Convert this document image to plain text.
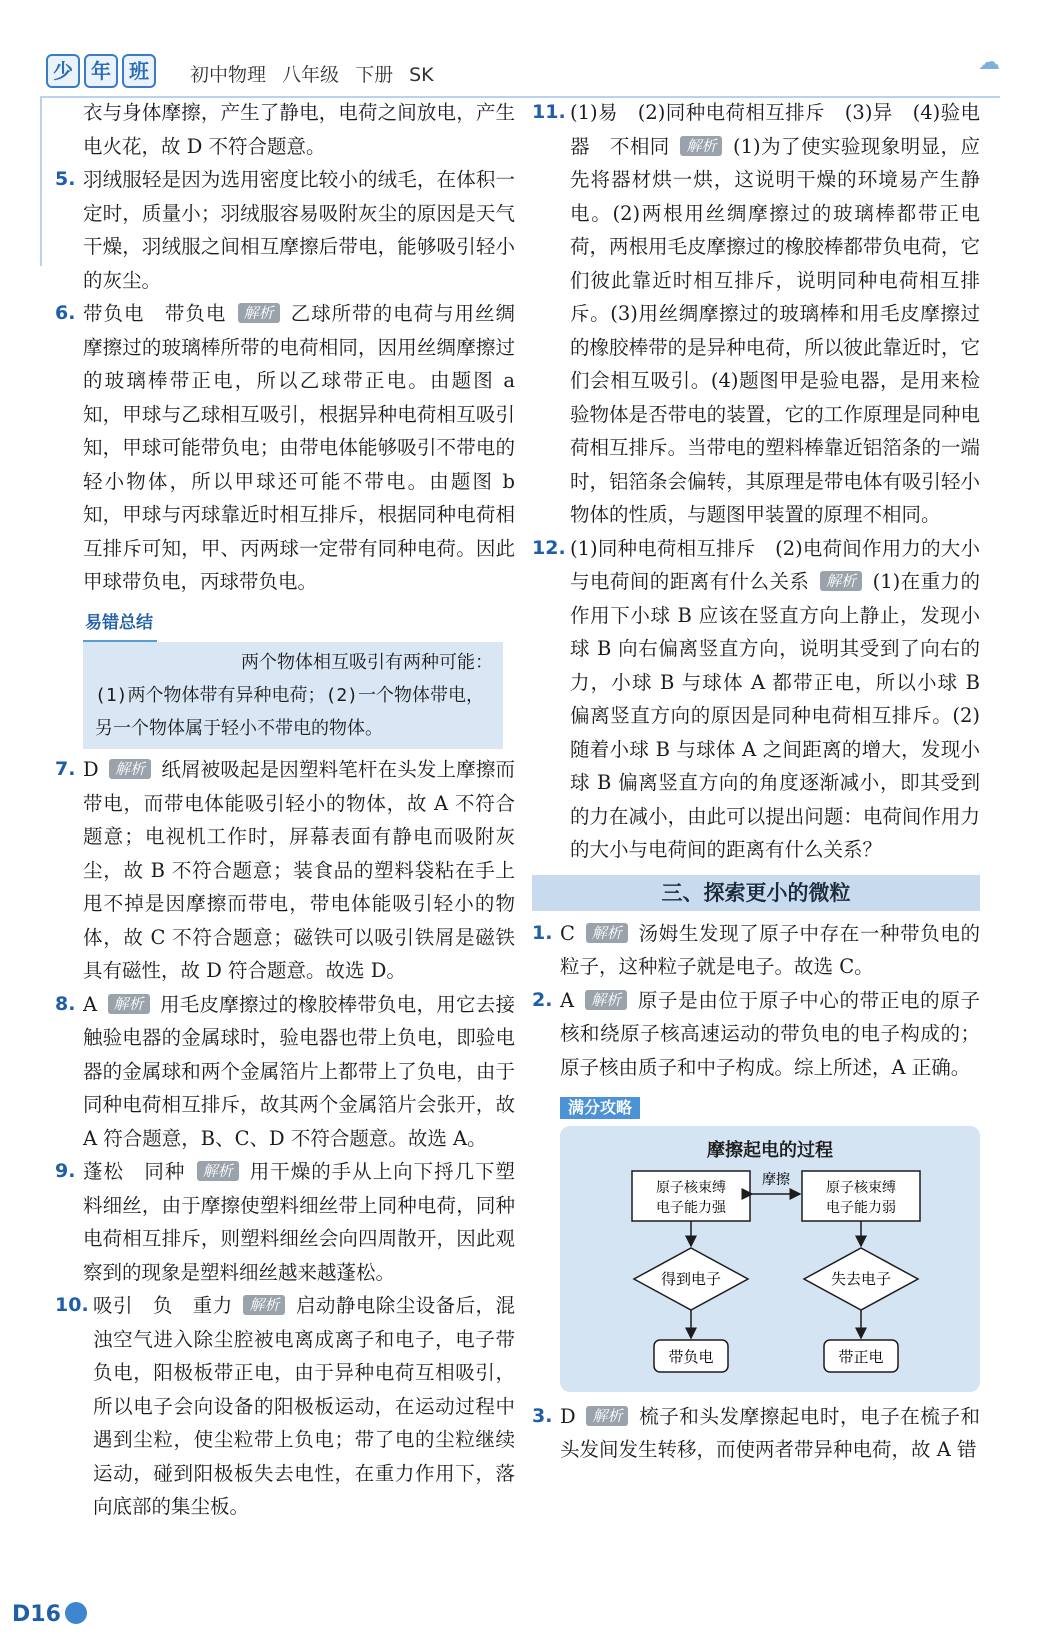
少 年 班	初中物理 八年级 下册 SK	☁

衣与身体摩擦，产生了静电，电荷之间放电，产生电火花，故 D 不符合题意。

5. 羽绒服轻是因为选用密度比较小的绒毛，在体积一定时，质量小；羽绒服容易吸附灰尘的原因是天气干燥，羽绒服之间相互摩擦后带电，能够吸引轻小的灰尘。

6. 带负电　带负电 解析 乙球所带的电荷与用丝绸摩擦过的玻璃棒所带的电荷相同，因用丝绸摩擦过的玻璃棒带正电，所以乙球带正电。由题图 a 知，甲球与乙球相互吸引，根据异种电荷相互吸引知，甲球可能带负电；由带电体能够吸引不带电的轻小物体，所以甲球还可能不带电。由题图 b 知，甲球与丙球靠近时相互排斥，根据同种电荷相互排斥可知，甲、丙两球一定带有同种电荷。因此甲球带负电，丙球带负电。

易错总结
两个物体相互吸引有两种可能：
(1)两个物体带有异种电荷；(2)一个物体带电，另一个物体属于轻小不带电的物体。

7. D 解析 纸屑被吸起是因塑料笔杆在头发上摩擦而带电，而带电体能吸引轻小的物体，故 A 不符合题意；电视机工作时，屏幕表面有静电而吸附灰尘，故 B 不符合题意；装食品的塑料袋粘在手上甩不掉是因摩擦而带电，带电体能吸引轻小的物体，故 C 不符合题意；磁铁可以吸引铁屑是磁铁具有磁性，故 D 符合题意。故选 D。

8. A 解析 用毛皮摩擦过的橡胶棒带负电，用它去接触验电器的金属球时，验电器也带上负电，即验电器的金属球和两个金属箔片上都带上了负电，由于同种电荷相互排斥，故其两个金属箔片会张开，故 A 符合题意，B、C、D 不符合题意。故选 A。

9. 蓬松　同种 解析 用干燥的手从上向下捋几下塑料细丝，由于摩擦使塑料细丝带上同种电荷，同种电荷相互排斥，则塑料细丝会向四周散开，因此观察到的现象是塑料细丝越来越蓬松。

10. 吸引　负　重力 解析 启动静电除尘设备后，混浊空气进入除尘腔被电离成离子和电子，电子带负电，阳极板带正电，由于异种电荷互相吸引，所以电子会向设备的阳极板运动，在运动过程中遇到尘粒，使尘粒带上负电；带了电的尘粒继续运动，碰到阳极板失去电性，在重力作用下，落向底部的集尘板。

11. (1)易　(2)同种电荷相互排斥　(3)异　(4)验电器　不相同 解析 (1)为了使实验现象明显，应先将器材烘一烘，这说明干燥的环境易产生静电。(2)两根用丝绸摩擦过的玻璃棒都带正电荷，两根用毛皮摩擦过的橡胶棒都带负电荷，它们彼此靠近时相互排斥，说明同种电荷相互排斥。(3)用丝绸摩擦过的玻璃棒和用毛皮摩擦过的橡胶棒带的是异种电荷，所以彼此靠近时，它们会相互吸引。(4)题图甲是验电器，是用来检验物体是否带电的装置，它的工作原理是同种电荷相互排斥。当带电的塑料棒靠近铝箔条的一端时，铝箔条会偏转，其原理是带电体有吸引轻小物体的性质，与题图甲装置的原理不相同。

12. (1)同种电荷相互排斥　(2)电荷间作用力的大小与电荷间的距离有什么关系 解析 (1)在重力的作用下小球 B 应该在竖直方向上静止，发现小球 B 向右偏离竖直方向，说明其受到了向右的力，小球 B 与球体 A 都带正电，所以小球 B 偏离竖直方向的原因是同种电荷相互排斥。(2)随着小球 B 与球体 A 之间距离的增大，发现小球 B 偏离竖直方向的角度逐渐减小，即其受到的力在减小，由此可以提出问题：电荷间作用力的大小与电荷间的距离有什么关系？

三、探索更小的微粒

1. C 解析 汤姆生发现了原子中存在一种带负电的粒子，这种粒子就是电子。故选 C。

2. A 解析 原子是由位于原子中心的带正电的原子核和绕原子核高速运动的带负电的电子构成的；原子核由质子和中子构成。综上所述，A 正确。

满分攻略
摩擦起电的过程
原子核束缚
电子能力强
原子核束缚
电子能力弱
摩擦
得到电子	失去电子
带负电	带正电

3. D 解析 梳子和头发摩擦起电时，电子在梳子和头发间发生转移，而使两者带异种电荷，故 A 错

D16
